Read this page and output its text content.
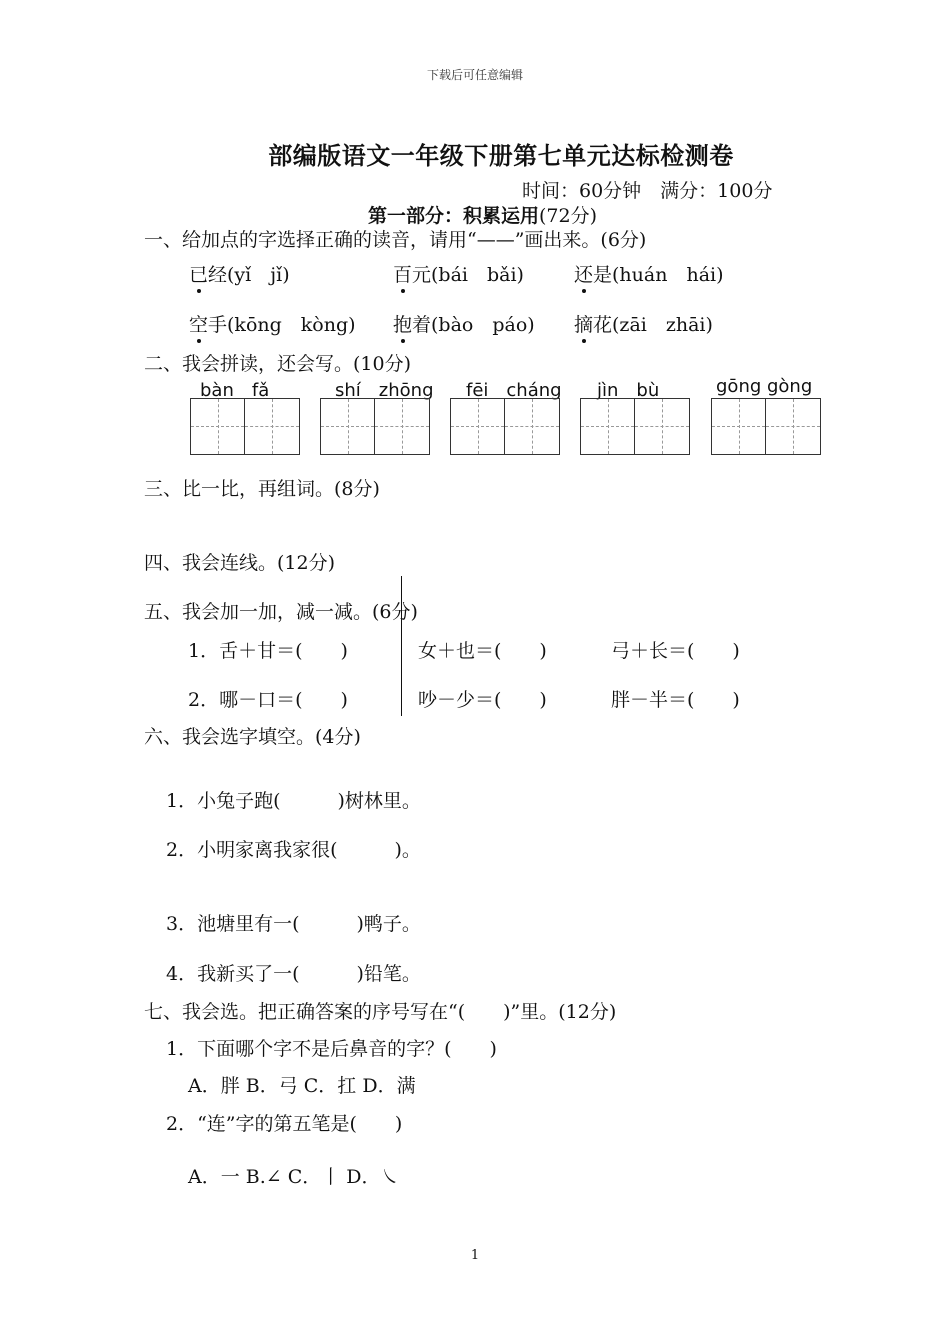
下载后可任意编辑
部编版语文一年级下册第七单元达标检测卷
时间：60分钟　满分：100分
第一部分：积累运用(72分)
一、给加点的字选择正确的读音，请用“——”画出来。(6分)
已经(yǐ　jǐ)	百元(bái　bǎi)	还是(huán　hái)
空手(kōng　kòng) 抱着(bào　páo) 摘花(zāi　zhāi)
二、我会拼读，还会写。(10分)
bàn　fǎ	shí　zhōng fēi　cháng jìn　bù	gōng gòng
三、比一比，再组词。(8分)
四、我会连线。(12分)
五、我会加一加，减一减。(6分)
1．舌＋甘＝(　　)	女＋也＝(　　)	弓＋长＝(　　)
2．哪－口＝(　　)	吵－少＝(　　)	胖－半＝(　　)
六、我会选字填空。(4分)
1．小兔子跑(　　　)树林里。
2．小明家离我家很(　　　)。
3．池塘里有一(　　　)鸭子。
4．我新买了一(　　　)铅笔。
七、我会选。把正确答案的序号写在“(　　)”里。(12分)
1．下面哪个字不是后鼻音的字？(　　)
A．胖 B．弓 C．扛 D．满
2．“连”字的第五笔是(　　)
A．一 B.∠ C．丨 D．㇏
1
